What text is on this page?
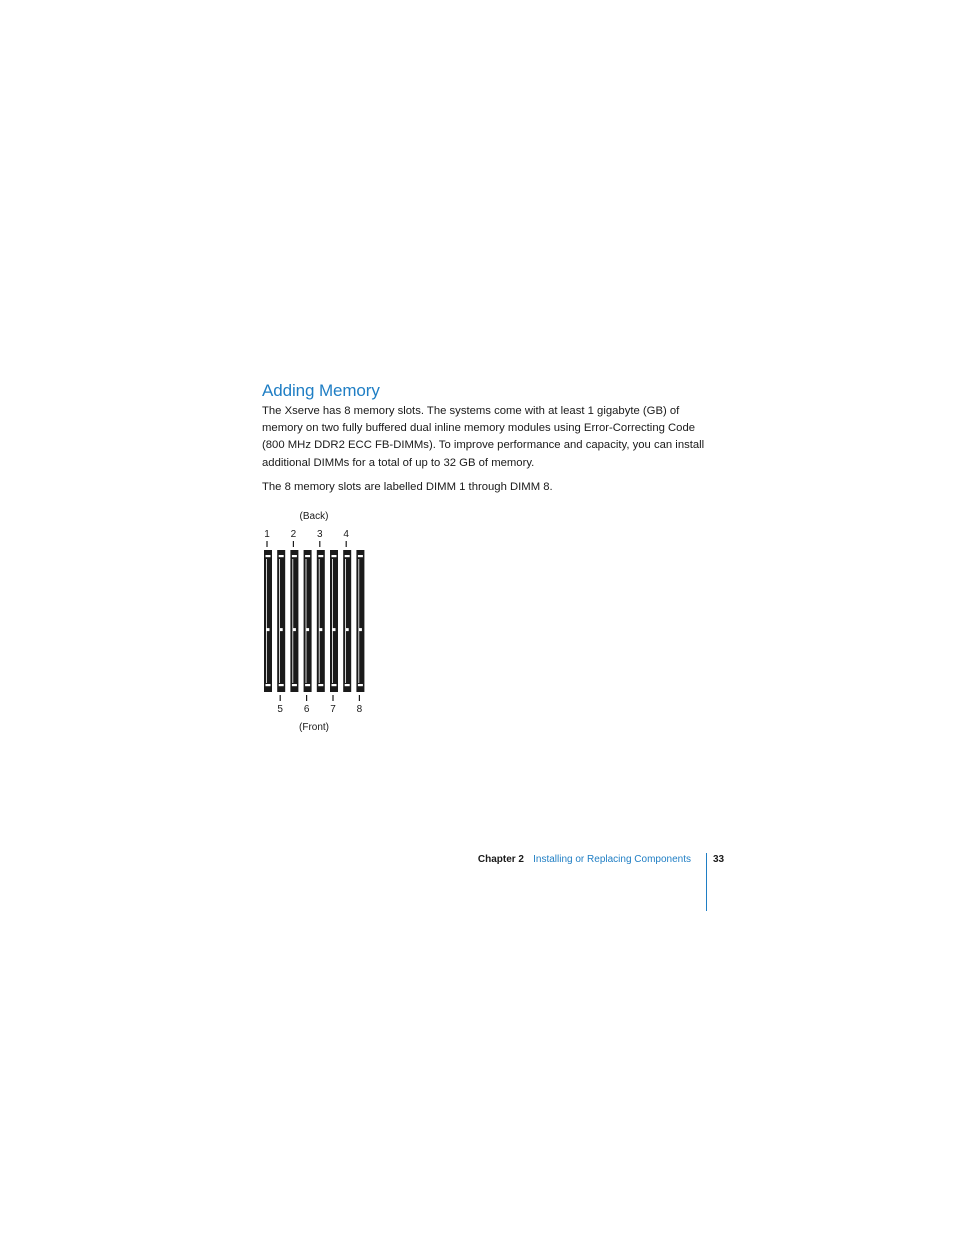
Adding Memory

The Xserve has 8 memory slots. The systems come with at least 1 gigabyte (GB) of memory on two fully buffered dual inline memory modules using Error-Correcting Code (800 MHz DDR2 ECC FB-DIMMs). To improve performance and capacity, you can install additional DIMMs for a total of up to 32 GB of memory.

The 8 memory slots are labelled DIMM 1 through DIMM 8.

(Back)
(Front)
1 2 3 4
5 6 7 8
Chapter 2 Installing or Replacing Components 33
